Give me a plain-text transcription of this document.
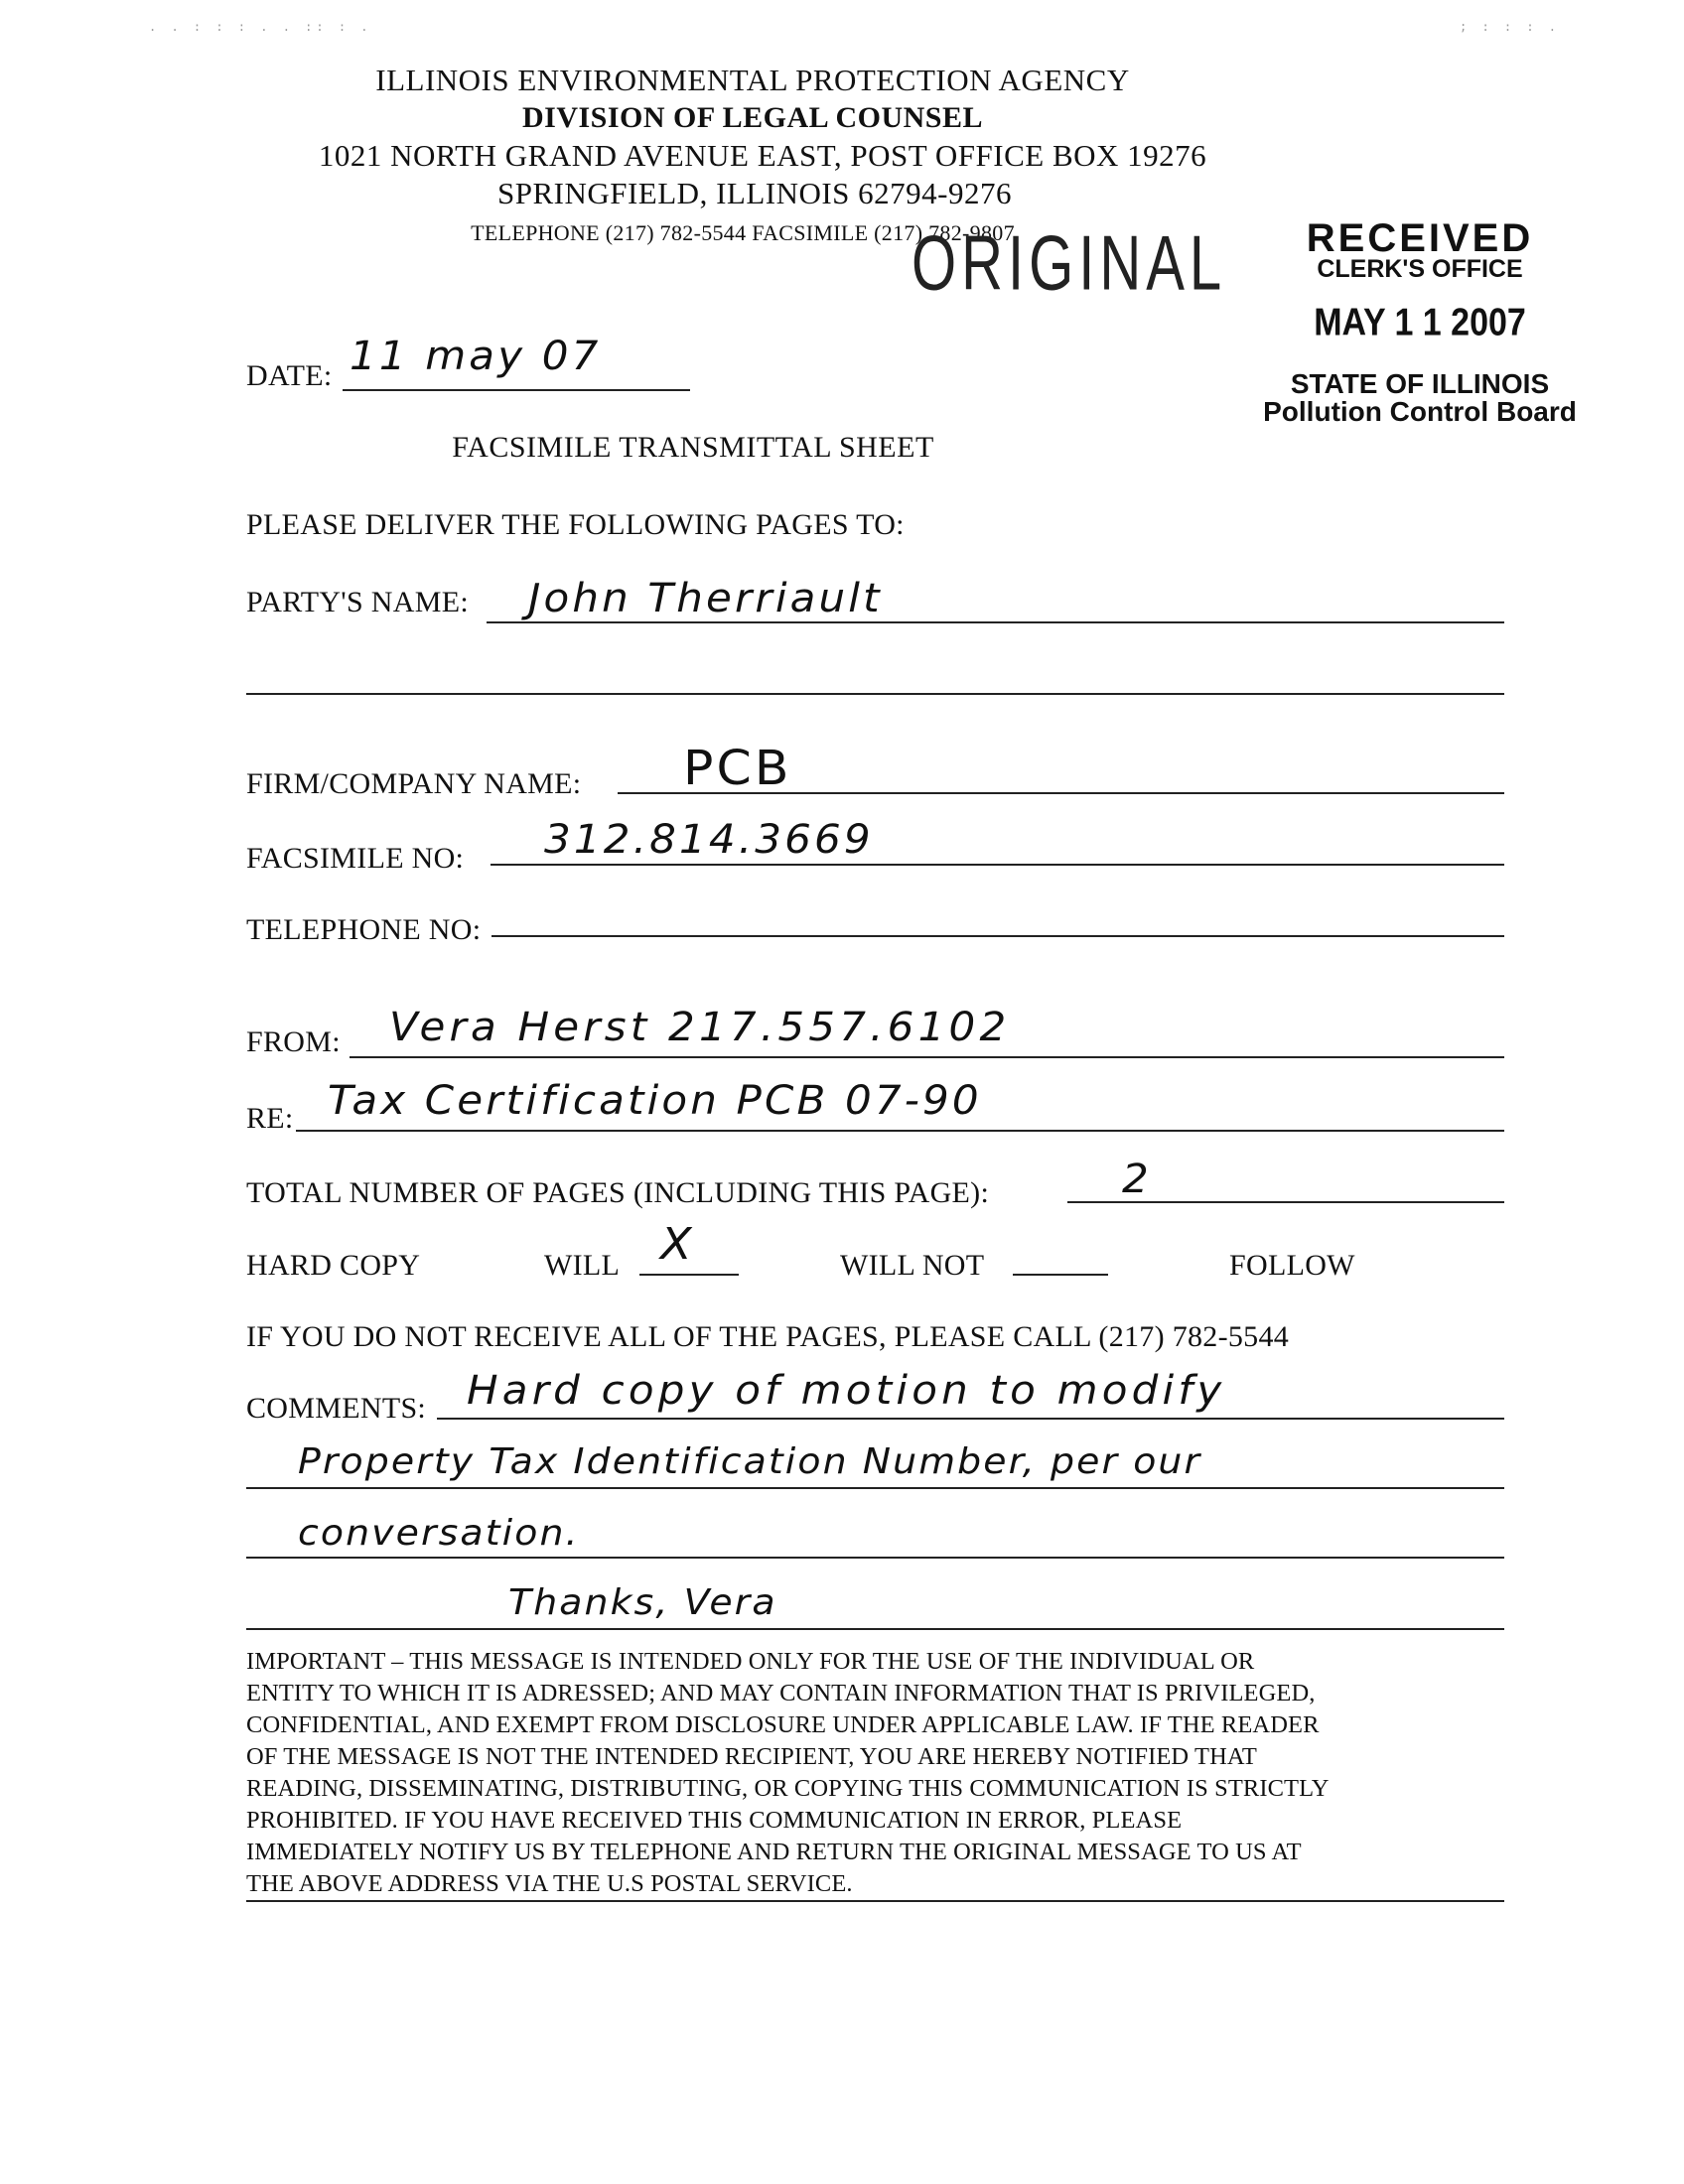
. . : : : . . :: : .	; : : : .
ILLINOIS ENVIRONMENTAL PROTECTION AGENCY
DIVISION OF LEGAL COUNSEL
1021 NORTH GRAND AVENUE EAST, POST OFFICE BOX 19276
SPRINGFIELD, ILLINOIS 62794-9276
TELEPHONE (217) 782-5544 FACSIMILE (217) 782-9807
ORIGINAL	RECEIVED
CLERK'S OFFICE
MAY 1 1 2007
STATE OF ILLINOIS
Pollution Control Board
DATE: 11 may 07
FACSIMILE TRANSMITTAL SHEET
PLEASE DELIVER THE FOLLOWING PAGES TO:
PARTY'S NAME: John Therriault
FIRM/COMPANY NAME: PCB
FACSIMILE NO: 312.814.3669
TELEPHONE NO:
FROM: Vera Herst 217.557.6102
RE: Tax Certification PCB 07-90
TOTAL NUMBER OF PAGES (INCLUDING THIS PAGE):	2
HARD COPY	WILL X	WILL NOT	FOLLOW
IF YOU DO NOT RECEIVE ALL OF THE PAGES, PLEASE CALL (217) 782-5544
COMMENTS: Hard copy of motion to modify
Property Tax Identification Number, per our
conversation.
Thanks, Vera
IMPORTANT – THIS MESSAGE IS INTENDED ONLY FOR THE USE OF THE INDIVIDUAL OR
ENTITY TO WHICH IT IS ADRESSED; AND MAY CONTAIN INFORMATION THAT IS PRIVILEGED,
CONFIDENTIAL, AND EXEMPT FROM DISCLOSURE UNDER APPLICABLE LAW. IF THE READER
OF THE MESSAGE IS NOT THE INTENDED RECIPIENT, YOU ARE HEREBY NOTIFIED THAT
READING, DISSEMINATING, DISTRIBUTING, OR COPYING THIS COMMUNICATION IS STRICTLY
PROHIBITED. IF YOU HAVE RECEIVED THIS COMMUNICATION IN ERROR, PLEASE
IMMEDIATELY NOTIFY US BY TELEPHONE AND RETURN THE ORIGINAL MESSAGE TO US AT
THE ABOVE ADDRESS VIA THE U.S POSTAL SERVICE.
